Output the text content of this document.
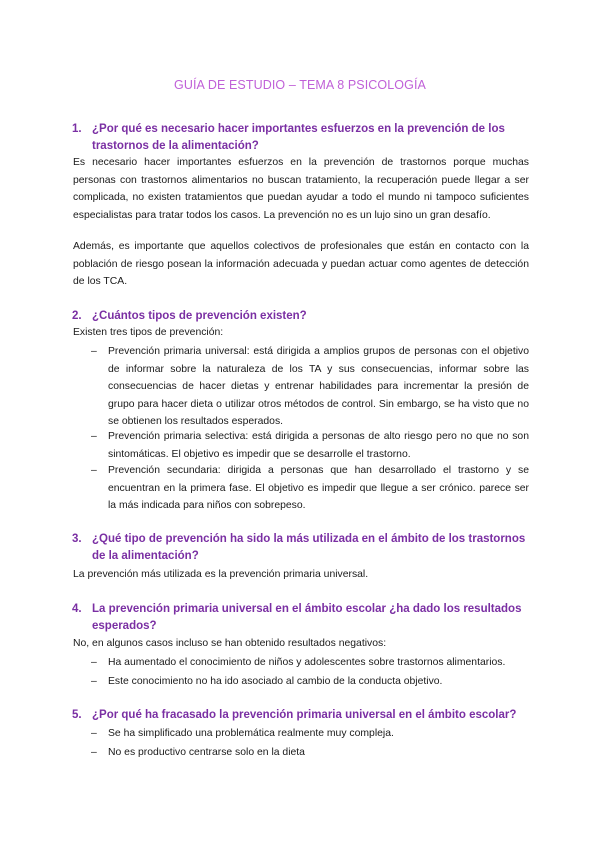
GUÍA DE ESTUDIO – TEMA 8 PSICOLOGÍA
1. ¿Por qué es necesario hacer importantes esfuerzos en la prevención de los trastornos de la alimentación?

Es necesario hacer importantes esfuerzos en la prevención de trastornos porque muchas personas con trastornos alimentarios no buscan tratamiento, la recuperación puede llegar a ser complicada, no existen tratamientos que puedan ayudar a todo el mundo ni tampoco suficientes especialistas para tratar todos los casos. La prevención no es un lujo sino un gran desafío.

Además, es importante que aquellos colectivos de profesionales que están en contacto con la población de riesgo posean la información adecuada y puedan actuar como agentes de detección de los TCA.

2. ¿Cuántos tipos de prevención existen?

Existen tres tipos de prevención:

– Prevención primaria universal: está dirigida a amplios grupos de personas con el objetivo de informar sobre la naturaleza de los TA y sus consecuencias, informar sobre las consecuencias de hacer dietas y entrenar habilidades para incrementar la presión de grupo para hacer dieta o utilizar otros métodos de control. Sin embargo, se ha visto que no se obtienen los resultados esperados.
– Prevención primaria selectiva: está dirigida a personas de alto riesgo pero no que no son sintomáticas. El objetivo es impedir que se desarrolle el trastorno.
– Prevención secundaria: dirigida a personas que han desarrollado el trastorno y se encuentran en la primera fase. El objetivo es impedir que llegue a ser crónico. parece ser la más indicada para niños con sobrepeso.
3. ¿Qué tipo de prevención ha sido la más utilizada en el ámbito de los trastornos de la alimentación?

La prevención más utilizada es la prevención primaria universal.

4. La prevención primaria universal en el ámbito escolar ¿ha dado los resultados esperados?

No, en algunos casos incluso se han obtenido resultados negativos:

– Ha aumentado el conocimiento de niños y adolescentes sobre trastornos alimentarios.
– Este conocimiento no ha ido asociado al cambio de la conducta objetivo.
5. ¿Por qué ha fracasado la prevención primaria universal en el ámbito escolar?
– Se ha simplificado una problemática realmente muy compleja.
– No es productivo centrarse solo en la dieta
